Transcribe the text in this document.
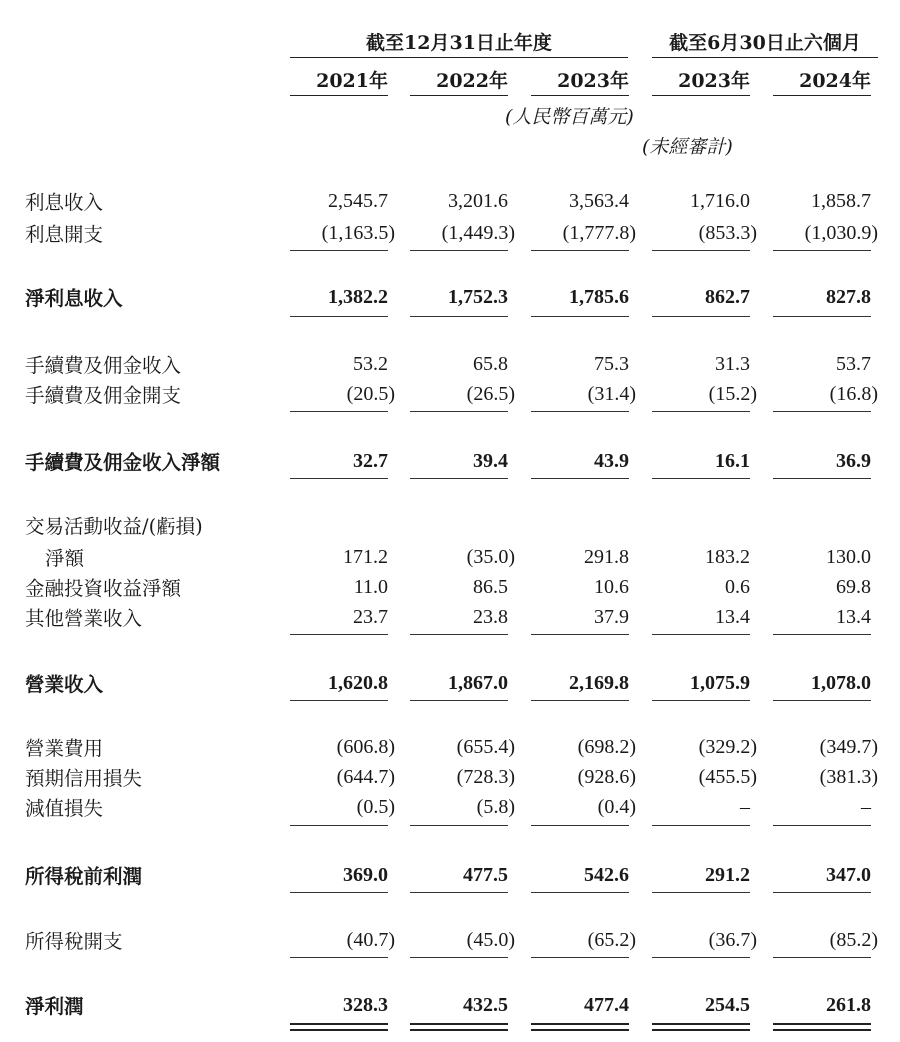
截至12月31日止年度	截至6月30日止六個月
2021年	2022年	2023年	2023年	2024年
(人民幣百萬元)
(未經審計)
利息收入	2,545.7	3,201.6	3,563.4	1,716.0	1,858.7
利息開支	(1,163.5)	(1,449.3)	(1,777.8)	(853.3)	(1,030.9)
淨利息收入	1,382.2	1,752.3	1,785.6	862.7	827.8
手續費及佣金收入	53.2	65.8	75.3	31.3	53.7
手續費及佣金開支	(20.5)	(26.5)	(31.4)	(15.2)	(16.8)
手續費及佣金收入淨額	32.7	39.4	43.9	16.1	36.9
交易活動收益/(虧損)
淨額	171.2	(35.0)	291.8	183.2	130.0
金融投資收益淨額	11.0	86.5	10.6	0.6	69.8
其他營業收入	23.7	23.8	37.9	13.4	13.4
營業收入	1,620.8	1,867.0	2,169.8	1,075.9	1,078.0
營業費用	(606.8)	(655.4)	(698.2)	(329.2)	(349.7)
預期信用損失	(644.7)	(728.3)	(928.6)	(455.5)	(381.3)
減值損失	(0.5)	(5.8)	(0.4)	–	–
所得稅前利潤	369.0	477.5	542.6	291.2	347.0
所得稅開支	(40.7)	(45.0)	(65.2)	(36.7)	(85.2)
淨利潤	328.3	432.5	477.4	254.5	261.8
